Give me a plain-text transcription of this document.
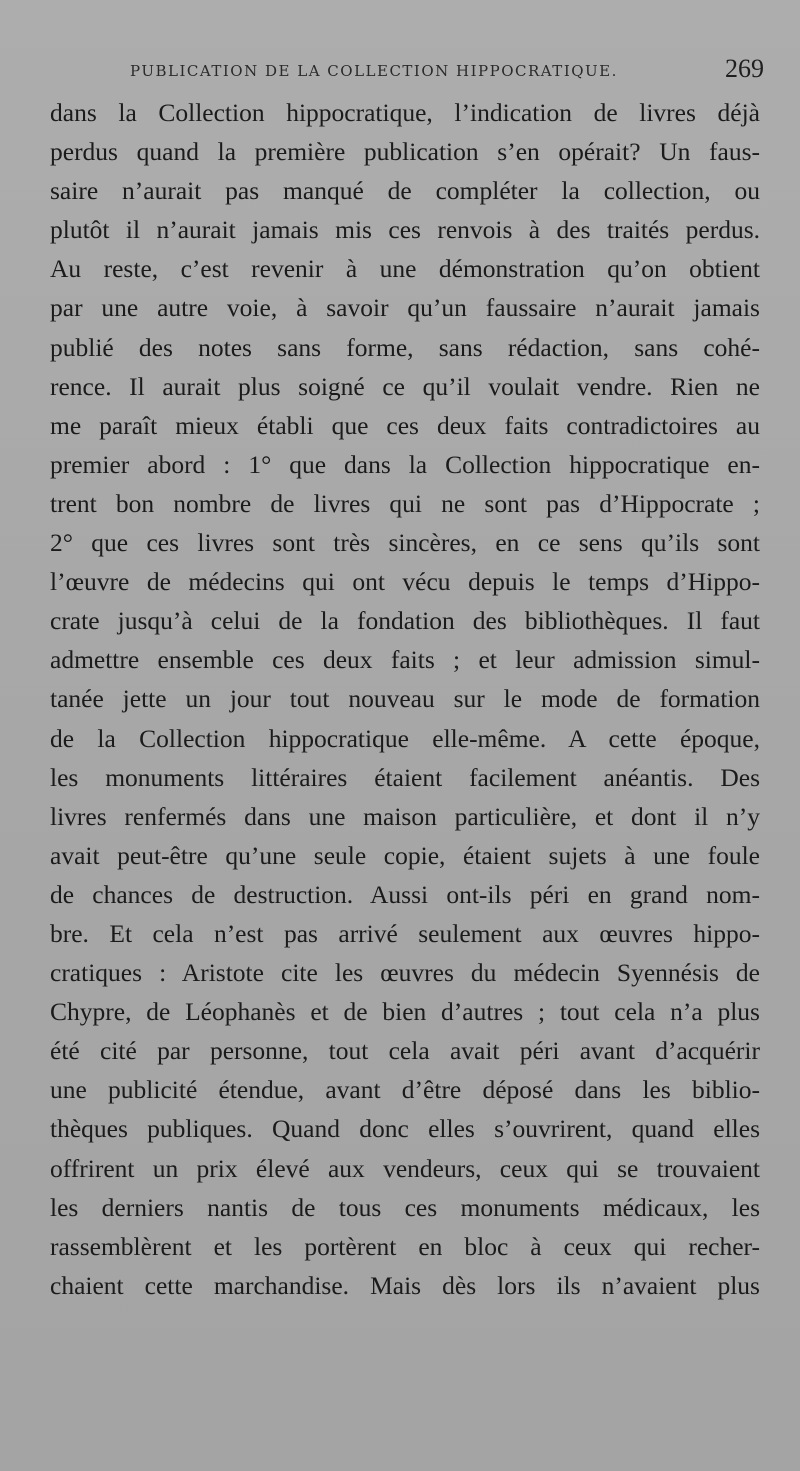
PUBLICATION DE LA COLLECTION HIPPOCRATIQUE.	269
dans la Collection hippocratique, l’indication de livres déjà
perdus quand la première publication s’en opérait? Un faus-
saire n’aurait pas manqué de compléter la collection, ou
plutôt il n’aurait jamais mis ces renvois à des traités perdus.
Au reste, c’est revenir à une démonstration qu’on obtient
par une autre voie, à savoir qu’un faussaire n’aurait jamais
publié des notes sans forme, sans rédaction, sans cohé-
rence. Il aurait plus soigné ce qu’il voulait vendre. Rien ne
me paraît mieux établi que ces deux faits contradictoires au
premier abord : 1° que dans la Collection hippocratique en-
trent bon nombre de livres qui ne sont pas d’Hippocrate ;
2° que ces livres sont très sincères, en ce sens qu’ils sont
l’œuvre de médecins qui ont vécu depuis le temps d’Hippo-
crate jusqu’à celui de la fondation des bibliothèques. Il faut
admettre ensemble ces deux faits ; et leur admission simul-
tanée jette un jour tout nouveau sur le mode de formation
de la Collection hippocratique elle-même. A cette époque,
les monuments littéraires étaient facilement anéantis. Des
livres renfermés dans une maison particulière, et dont il n’y
avait peut-être qu’une seule copie, étaient sujets à une foule
de chances de destruction. Aussi ont-ils péri en grand nom-
bre. Et cela n’est pas arrivé seulement aux œuvres hippo-
cratiques : Aristote cite les œuvres du médecin Syennésis de
Chypre, de Léophanès et de bien d’autres ; tout cela n’a plus
été cité par personne, tout cela avait péri avant d’acquérir
une publicité étendue, avant d’être déposé dans les biblio-
thèques publiques. Quand donc elles s’ouvrirent, quand elles
offrirent un prix élevé aux vendeurs, ceux qui se trouvaient
les derniers nantis de tous ces monuments médicaux, les
rassemblèrent et les portèrent en bloc à ceux qui recher-
chaient cette marchandise. Mais dès lors ils n’avaient plus
